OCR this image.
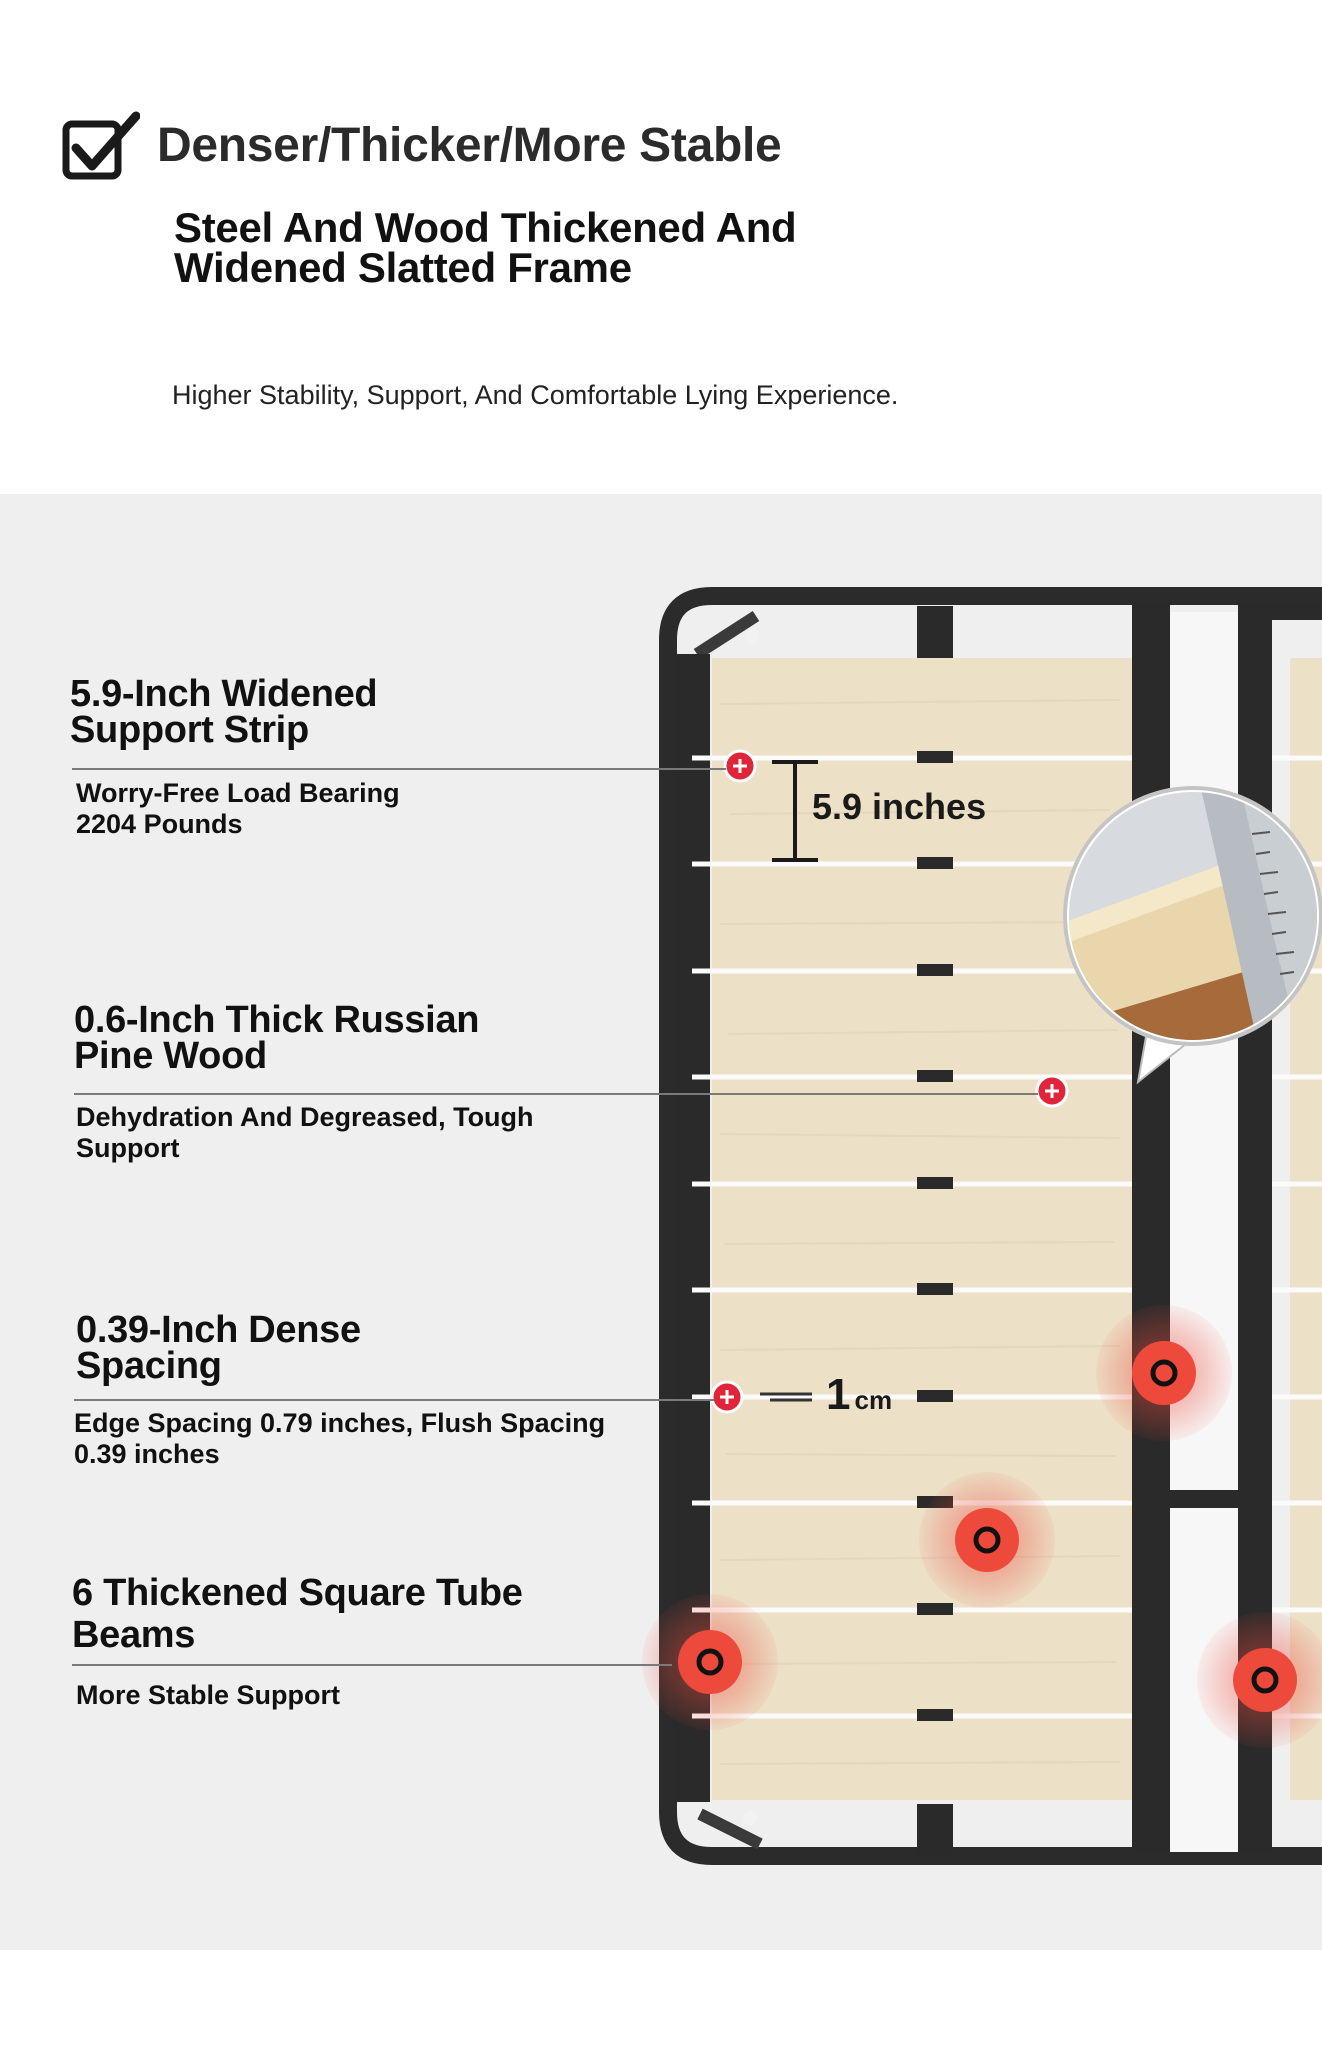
Denser/Thicker/More Stable
Steel And Wood Thickened And Widened Slatted Frame
Higher Stability, Support, And Comfortable Lying Experience.
5.9-Inch Widened Support Strip
Worry-Free Load Bearing 2204 Pounds
0.6-Inch Thick Russian Pine Wood
Dehydration And Degreased, Tough Support
0.39-Inch Dense Spacing
Edge Spacing 0.79 inches, Flush Spacing 0.39 inches
6 Thickened Square Tube Beams
More Stable Support
5.9 inches
1 cm
